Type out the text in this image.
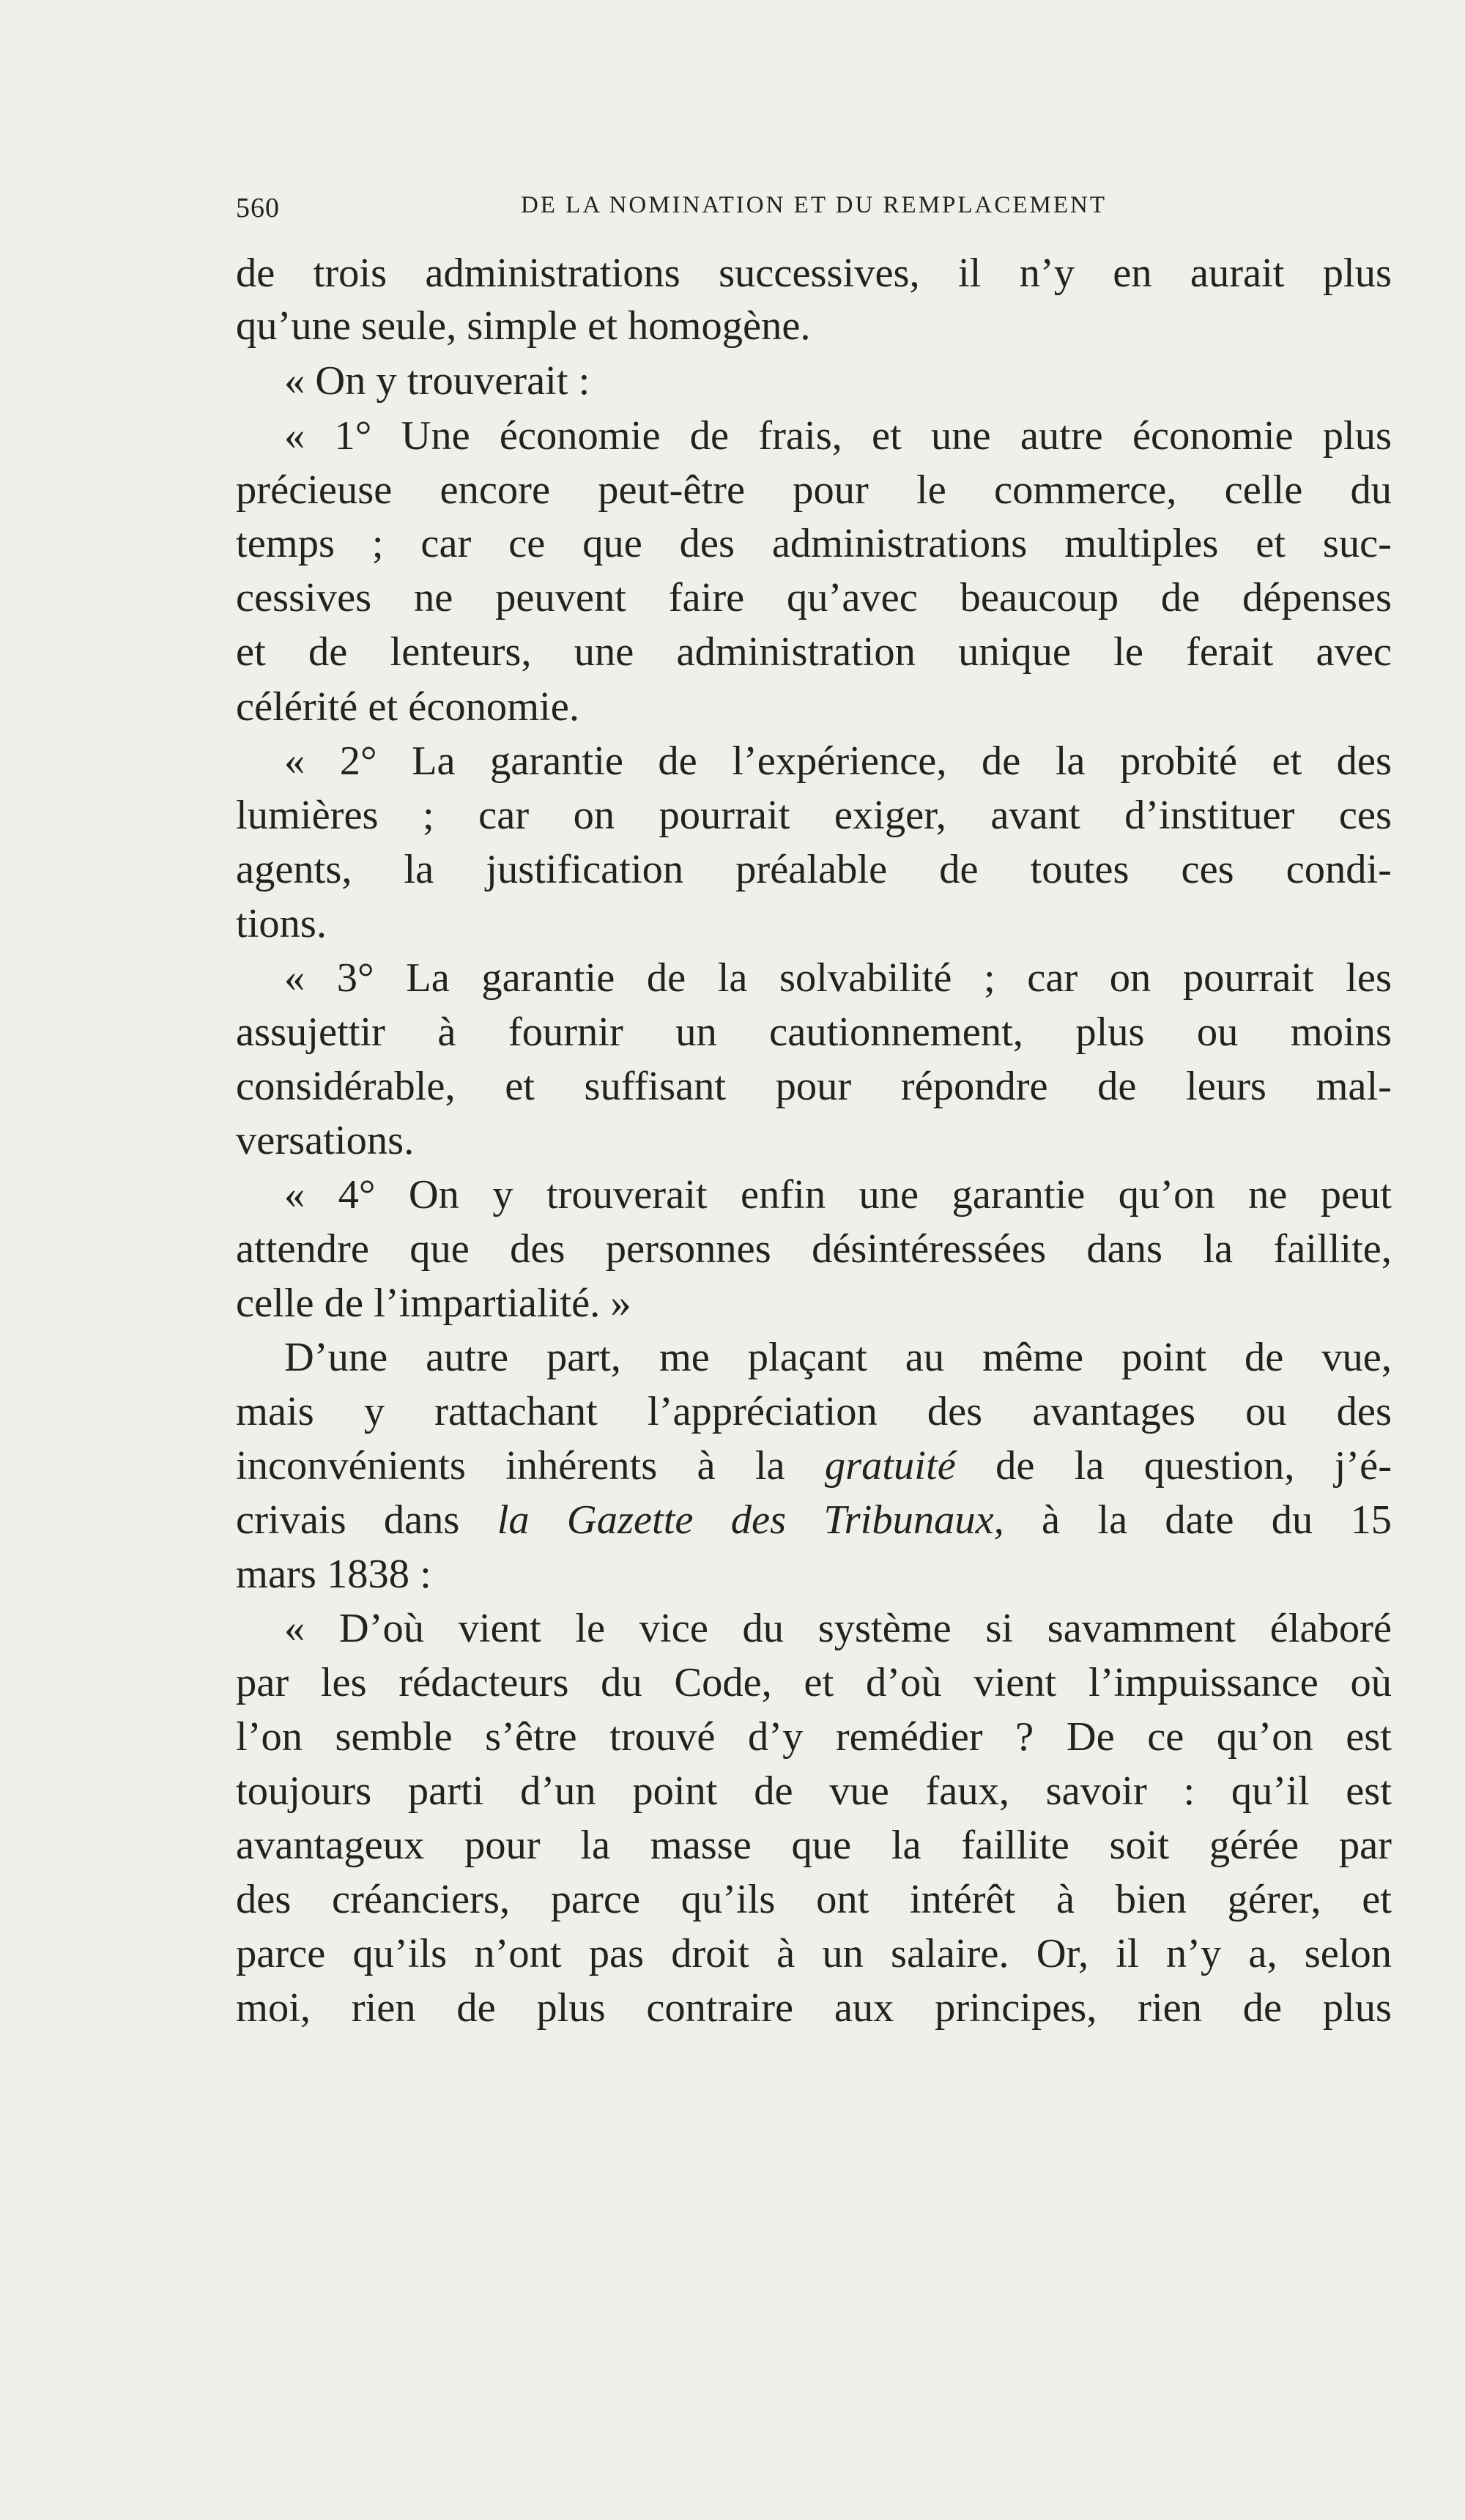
560	DE LA NOMINATION ET DU REMPLACEMENT
de trois administrations successives, il n’y en aurait plus
qu’une seule, simple et homogène.
« On y trouverait :
« 1° Une économie de frais, et une autre économie plus
précieuse encore peut-être pour le commerce, celle du
temps ; car ce que des administrations multiples et suc-
cessives ne peuvent faire qu’avec beaucoup de dépenses
et de lenteurs, une administration unique le ferait avec
célérité et économie.
« 2° La garantie de l’expérience, de la probité et des
lumières ; car on pourrait exiger, avant d’instituer ces
agents, la justification préalable de toutes ces condi-
tions.
« 3° La garantie de la solvabilité ; car on pourrait les
assujettir à fournir un cautionnement, plus ou moins
considérable, et suffisant pour répondre de leurs mal-
versations.
« 4° On y trouverait enfin une garantie qu’on ne peut
attendre que des personnes désintéressées dans la faillite,
celle de l’impartialité. »
D’une autre part, me plaçant au même point de vue,
mais y rattachant l’appréciation des avantages ou des
inconvénients inhérents à la gratuité de la question, j’é-
crivais dans la Gazette des Tribunaux, à la date du 15
mars 1838 :
« D’où vient le vice du système si savamment élaboré
par les rédacteurs du Code, et d’où vient l’impuissance où
l’on semble s’être trouvé d’y remédier ? De ce qu’on est
toujours parti d’un point de vue faux, savoir : qu’il est
avantageux pour la masse que la faillite soit gérée par
des créanciers, parce qu’ils ont intérêt à bien gérer, et
parce qu’ils n’ont pas droit à un salaire. Or, il n’y a, selon
moi, rien de plus contraire aux principes, rien de plus
